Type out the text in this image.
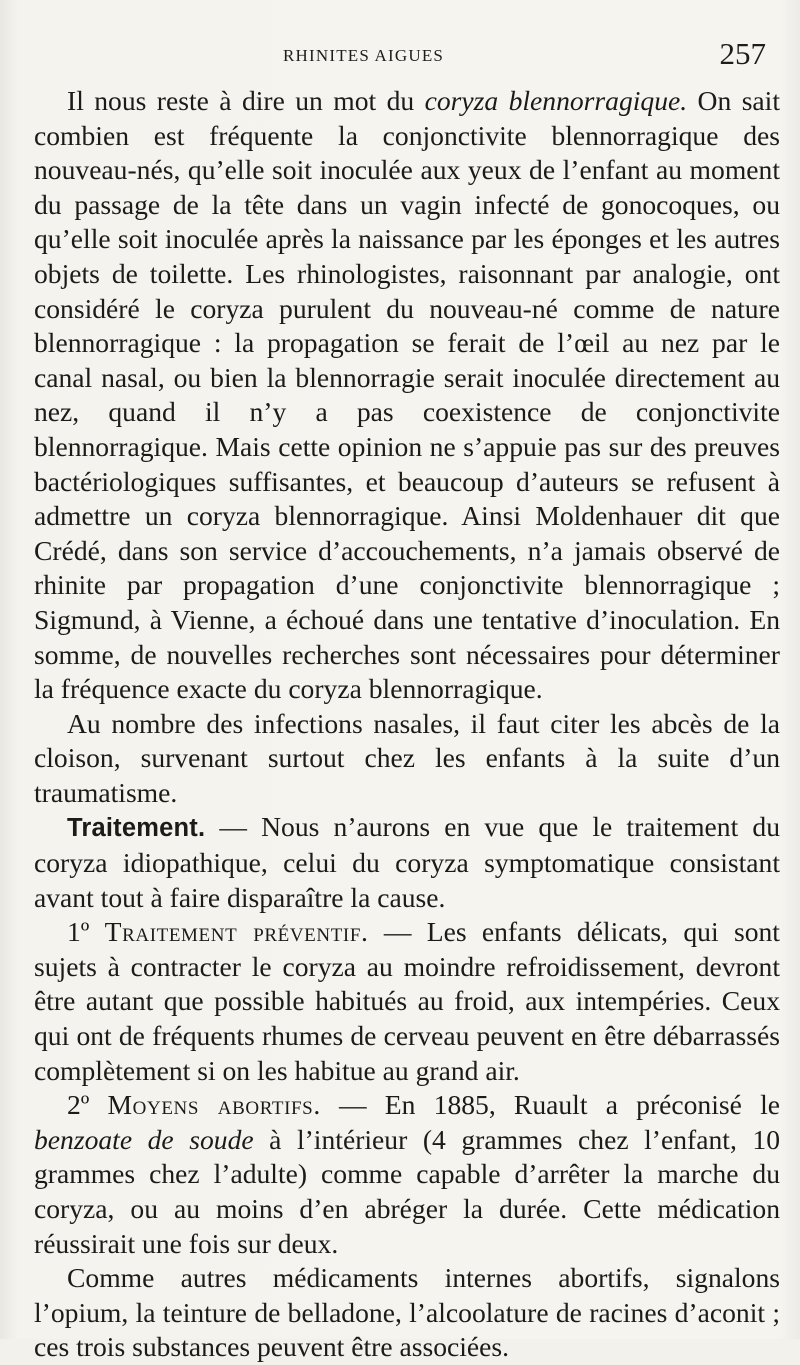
RHINITES AIGUES	257

Il nous reste à dire un mot du coryza blennorragique. On sait combien est fréquente la conjonctivite blennorragique des nouveau-nés, qu’elle soit inoculée aux yeux de l’enfant au moment du passage de la tête dans un vagin infecté de gonocoques, ou qu’elle soit inoculée après la naissance par les éponges et les autres objets de toilette. Les rhinologistes, raisonnant par analogie, ont considéré le coryza purulent du nouveau-né comme de nature blennorragique : la propagation se ferait de l’œil au nez par le canal nasal, ou bien la blennorragie serait inoculée directement au nez, quand il n’y a pas coexistence de conjonctivite blennorragique. Mais cette opinion ne s’appuie pas sur des preuves bactériologiques suffisantes, et beaucoup d’auteurs se refusent à admettre un coryza blennorragique. Ainsi Moldenhauer dit que Crédé, dans son service d’accouchements, n’a jamais observé de rhinite par propagation d’une conjonctivite blennorragique ; Sigmund, à Vienne, a échoué dans une tentative d’inoculation. En somme, de nouvelles recherches sont nécessaires pour déterminer la fréquence exacte du coryza blennorragique.

Au nombre des infections nasales, il faut citer les abcès de la cloison, survenant surtout chez les enfants à la suite d’un traumatisme.

Traitement. — Nous n’aurons en vue que le traitement du coryza idiopathique, celui du coryza symptomatique consistant avant tout à faire disparaître la cause.

1º Traitement préventif. — Les enfants délicats, qui sont sujets à contracter le coryza au moindre refroidissement, devront être autant que possible habitués au froid, aux intempéries. Ceux qui ont de fréquents rhumes de cerveau peuvent en être débarrassés complètement si on les habitue au grand air.

2º Moyens abortifs. — En 1885, Ruault a préconisé le benzoate de soude à l’intérieur (4 grammes chez l’enfant, 10 grammes chez l’adulte) comme capable d’arrêter la marche du coryza, ou au moins d’en abréger la durée. Cette médication réussirait une fois sur deux.

Comme autres médicaments internes abortifs, signalons l’opium, la teinture de belladone, l’alcoolature de racines d’aconit ; ces trois substances peuvent être associées.
